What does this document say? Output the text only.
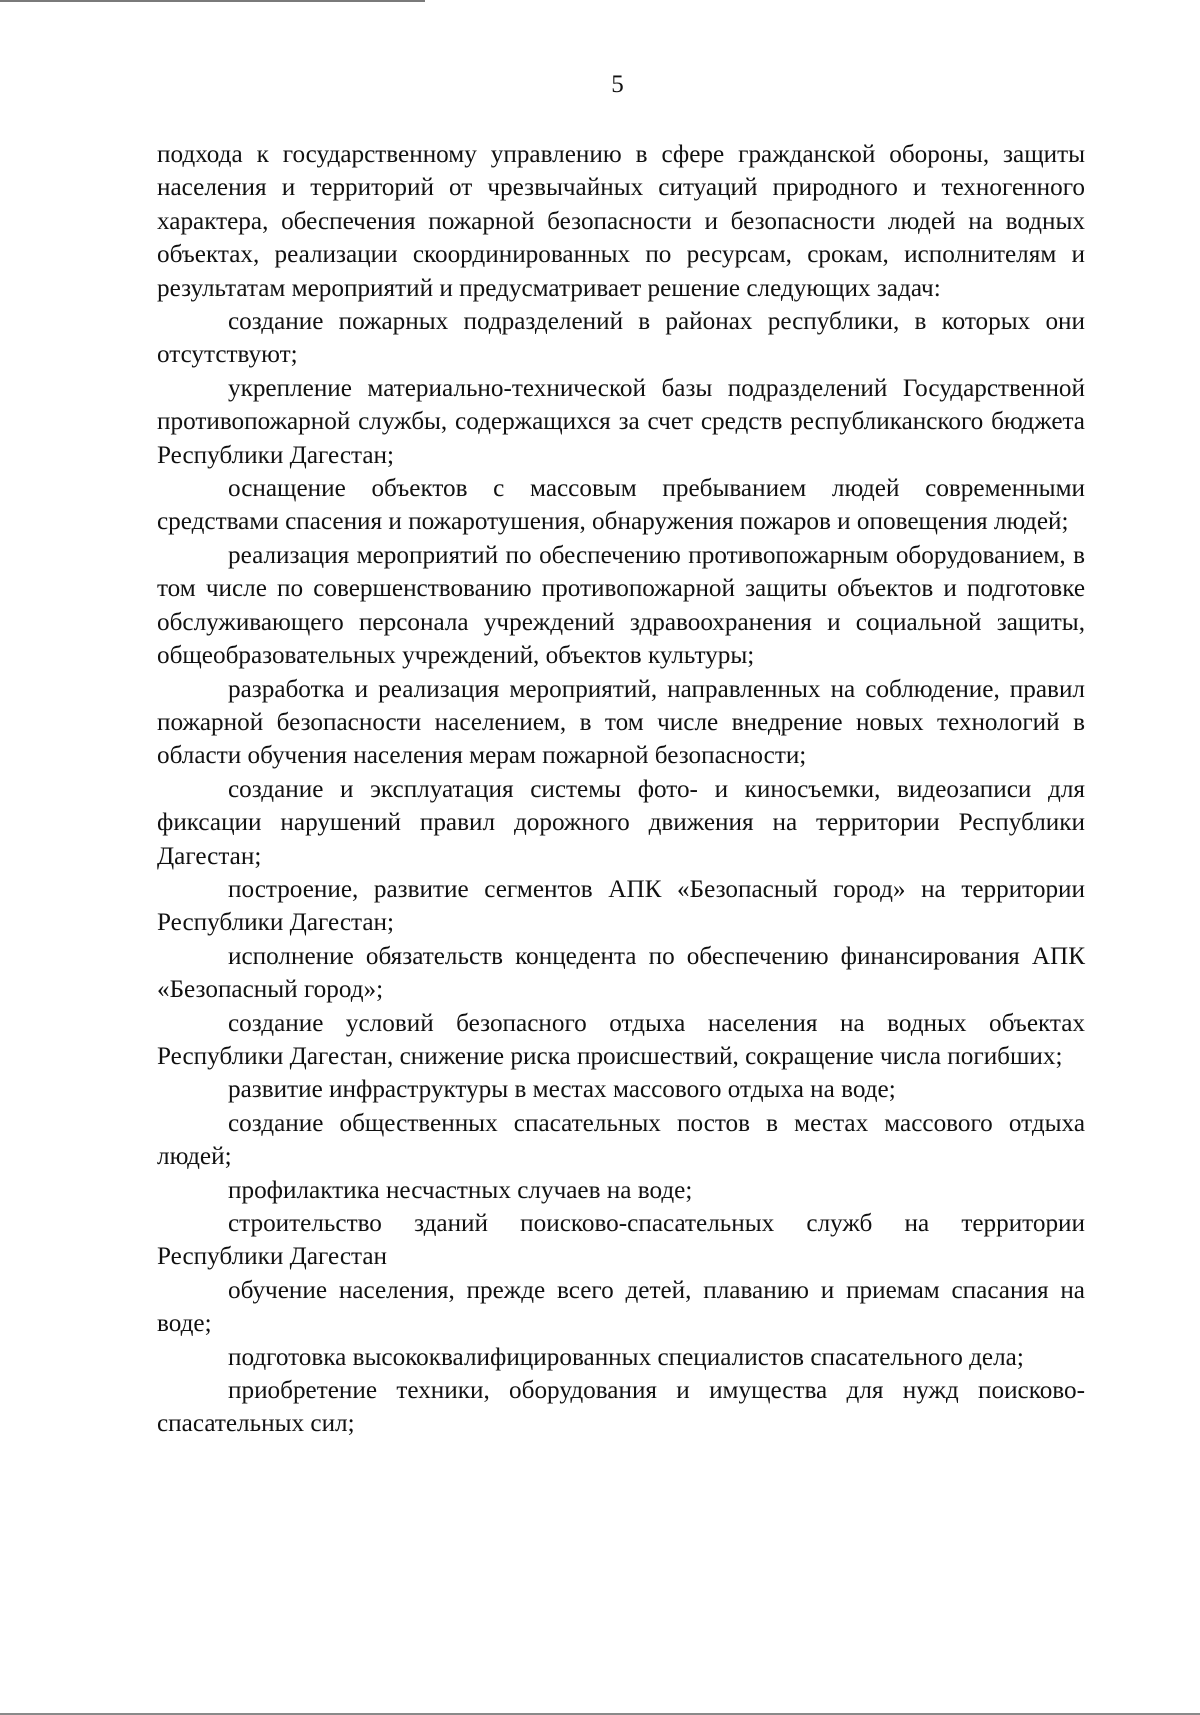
5

подхода к государственному управлению в сфере гражданской обороны, защиты населения и территорий от чрезвычайных ситуаций природного и техногенного характера, обеспечения пожарной безопасности и безопасности людей на водных объектах, реализации скоординированных по ресурсам, срокам, исполнителям и результатам мероприятий и предусматривает решение следующих задач:

создание пожарных подразделений в районах республики, в которых они отсутствуют;

укрепление материально-технической базы подразделений Государственной противопожарной службы, содержащихся за счет средств республиканского бюджета Республики Дагестан;

оснащение объектов с массовым пребыванием людей современными средствами спасения и пожаротушения, обнаружения пожаров и оповещения людей;

реализация мероприятий по обеспечению противопожарным оборудованием, в том числе по совершенствованию противопожарной защиты объектов и подготовке обслуживающего персонала учреждений здравоохранения и социальной защиты, общеобразовательных учреждений, объектов культуры;

разработка и реализация мероприятий, направленных на соблюдение, правил пожарной безопасности населением, в том числе внедрение новых технологий в области обучения населения мерам пожарной безопасности;

создание и эксплуатация системы фото- и киносъемки, видеозаписи для фиксации нарушений правил дорожного движения на территории Республики Дагестан;

построение, развитие сегментов АПК «Безопасный город» на территории Республики Дагестан;

исполнение обязательств концедента по обеспечению финансирования АПК «Безопасный город»;

создание условий безопасного отдыха населения на водных объектах Республики Дагестан, снижение риска происшествий, сокращение числа погибших;

развитие инфраструктуры в местах массового отдыха на воде;

создание общественных спасательных постов в местах массового отдыха людей;

профилактика несчастных случаев на воде;

строительство зданий поисково-спасательных служб на территории Республики Дагестан

обучение населения, прежде всего детей, плаванию и приемам спасания на воде;

подготовка высококвалифицированных специалистов спасательного дела;

приобретение техники, оборудования и имущества для нужд поисково-спасательных сил;
